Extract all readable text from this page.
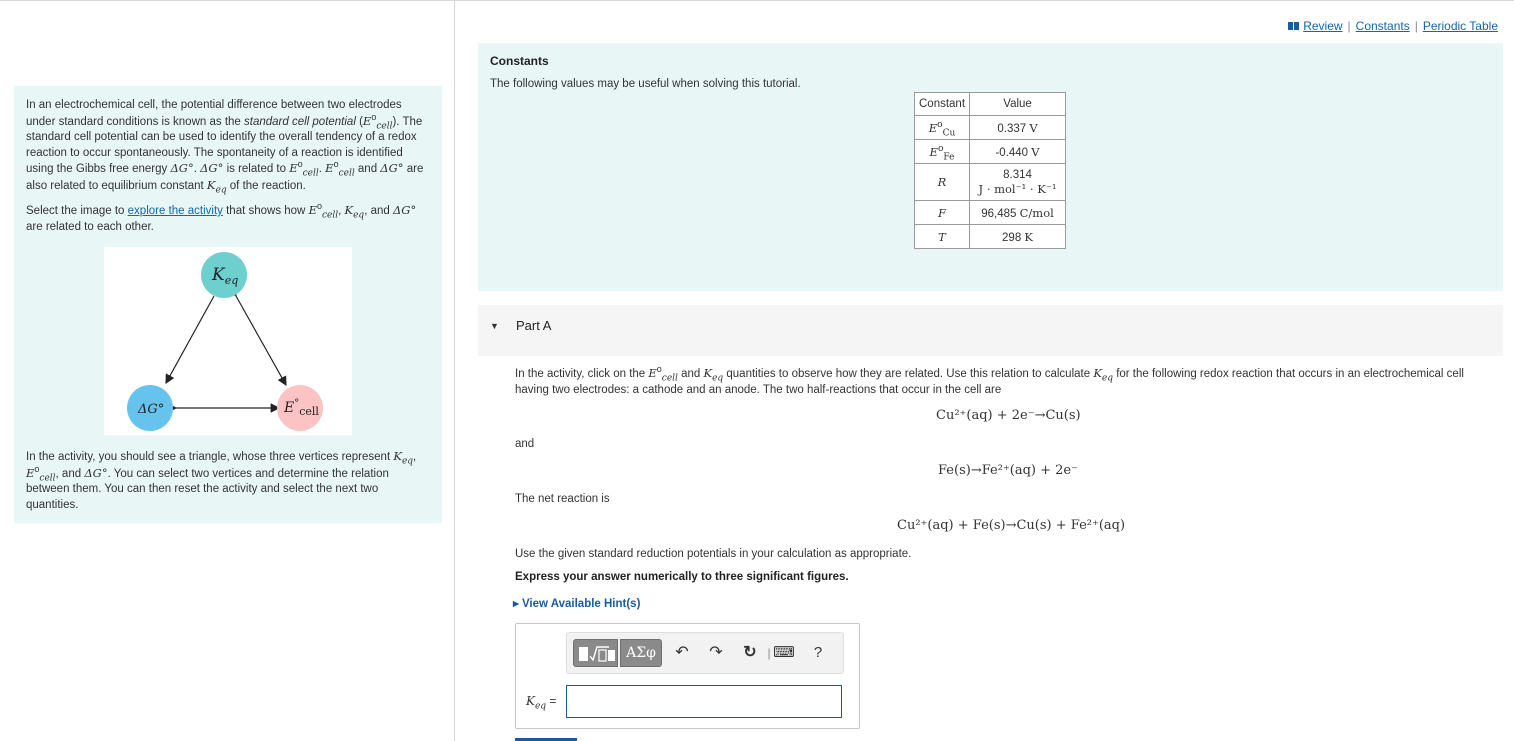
In an electrochemical cell, the potential difference between two electrodes under standard conditions is known as the standard cell potential $(E^o_{cell})$. The standard cell potential can be used to identify the overall tendency of a redox reaction to occur spontaneously. The spontaneity of a reaction is identified using the Gibbs free energy ΔG°. ΔG° is related to $E^o_{cell}$. $E^o_{cell}$ and ΔG° are also related to equilibrium constant $K_{eq}$ of the reaction.

Select the image to explore the activity that shows how $E^o_{cell}$, $K_{eq}$, and ΔG° are related to each other.

$K_{eq}$
ΔG°	$E^\circ_{cell}$

In the activity, you should see a triangle, whose three vertices represent $K_{eq}$, $E^o_{cell}$, and ΔG°. You can select two vertices and determine the relation between them. You can then reset the activity and select the next two quantities.

Review | Constants | Periodic Table
Constants
The following values may be useful when solving this tutorial.
Constant	Value
$E^o_{Cu}$	0.337 V
$E^o_{Fe}$	-0.440 V
R	8.314
J · mol⁻¹ · K⁻¹
F	96,485 C/mol
T	298 K
▼ Part A

In the activity, click on the $E^o_{cell}$ and $K_{eq}$ quantities to observe how they are related. Use this relation to calculate $K_{eq}$ for the following redox reaction that occurs in an electrochemical cell having two electrodes: a cathode and an anode. The two half-reactions that occur in the cell are

Cu²⁺(aq) + 2e⁻→Cu(s)
and
Fe(s)→Fe²⁺(aq) + 2e⁻
The net reaction is
Cu²⁺(aq) + Fe(s)→Cu(s) + Fe²⁺(aq)
Use the given standard reduction potentials in your calculation as appropriate.
Express your answer numerically to three significant figures.
▸ View Available Hint(s)
ΑΣφ	↶ ↷ ↻ | ⌨	?
$K_{eq}$ =
